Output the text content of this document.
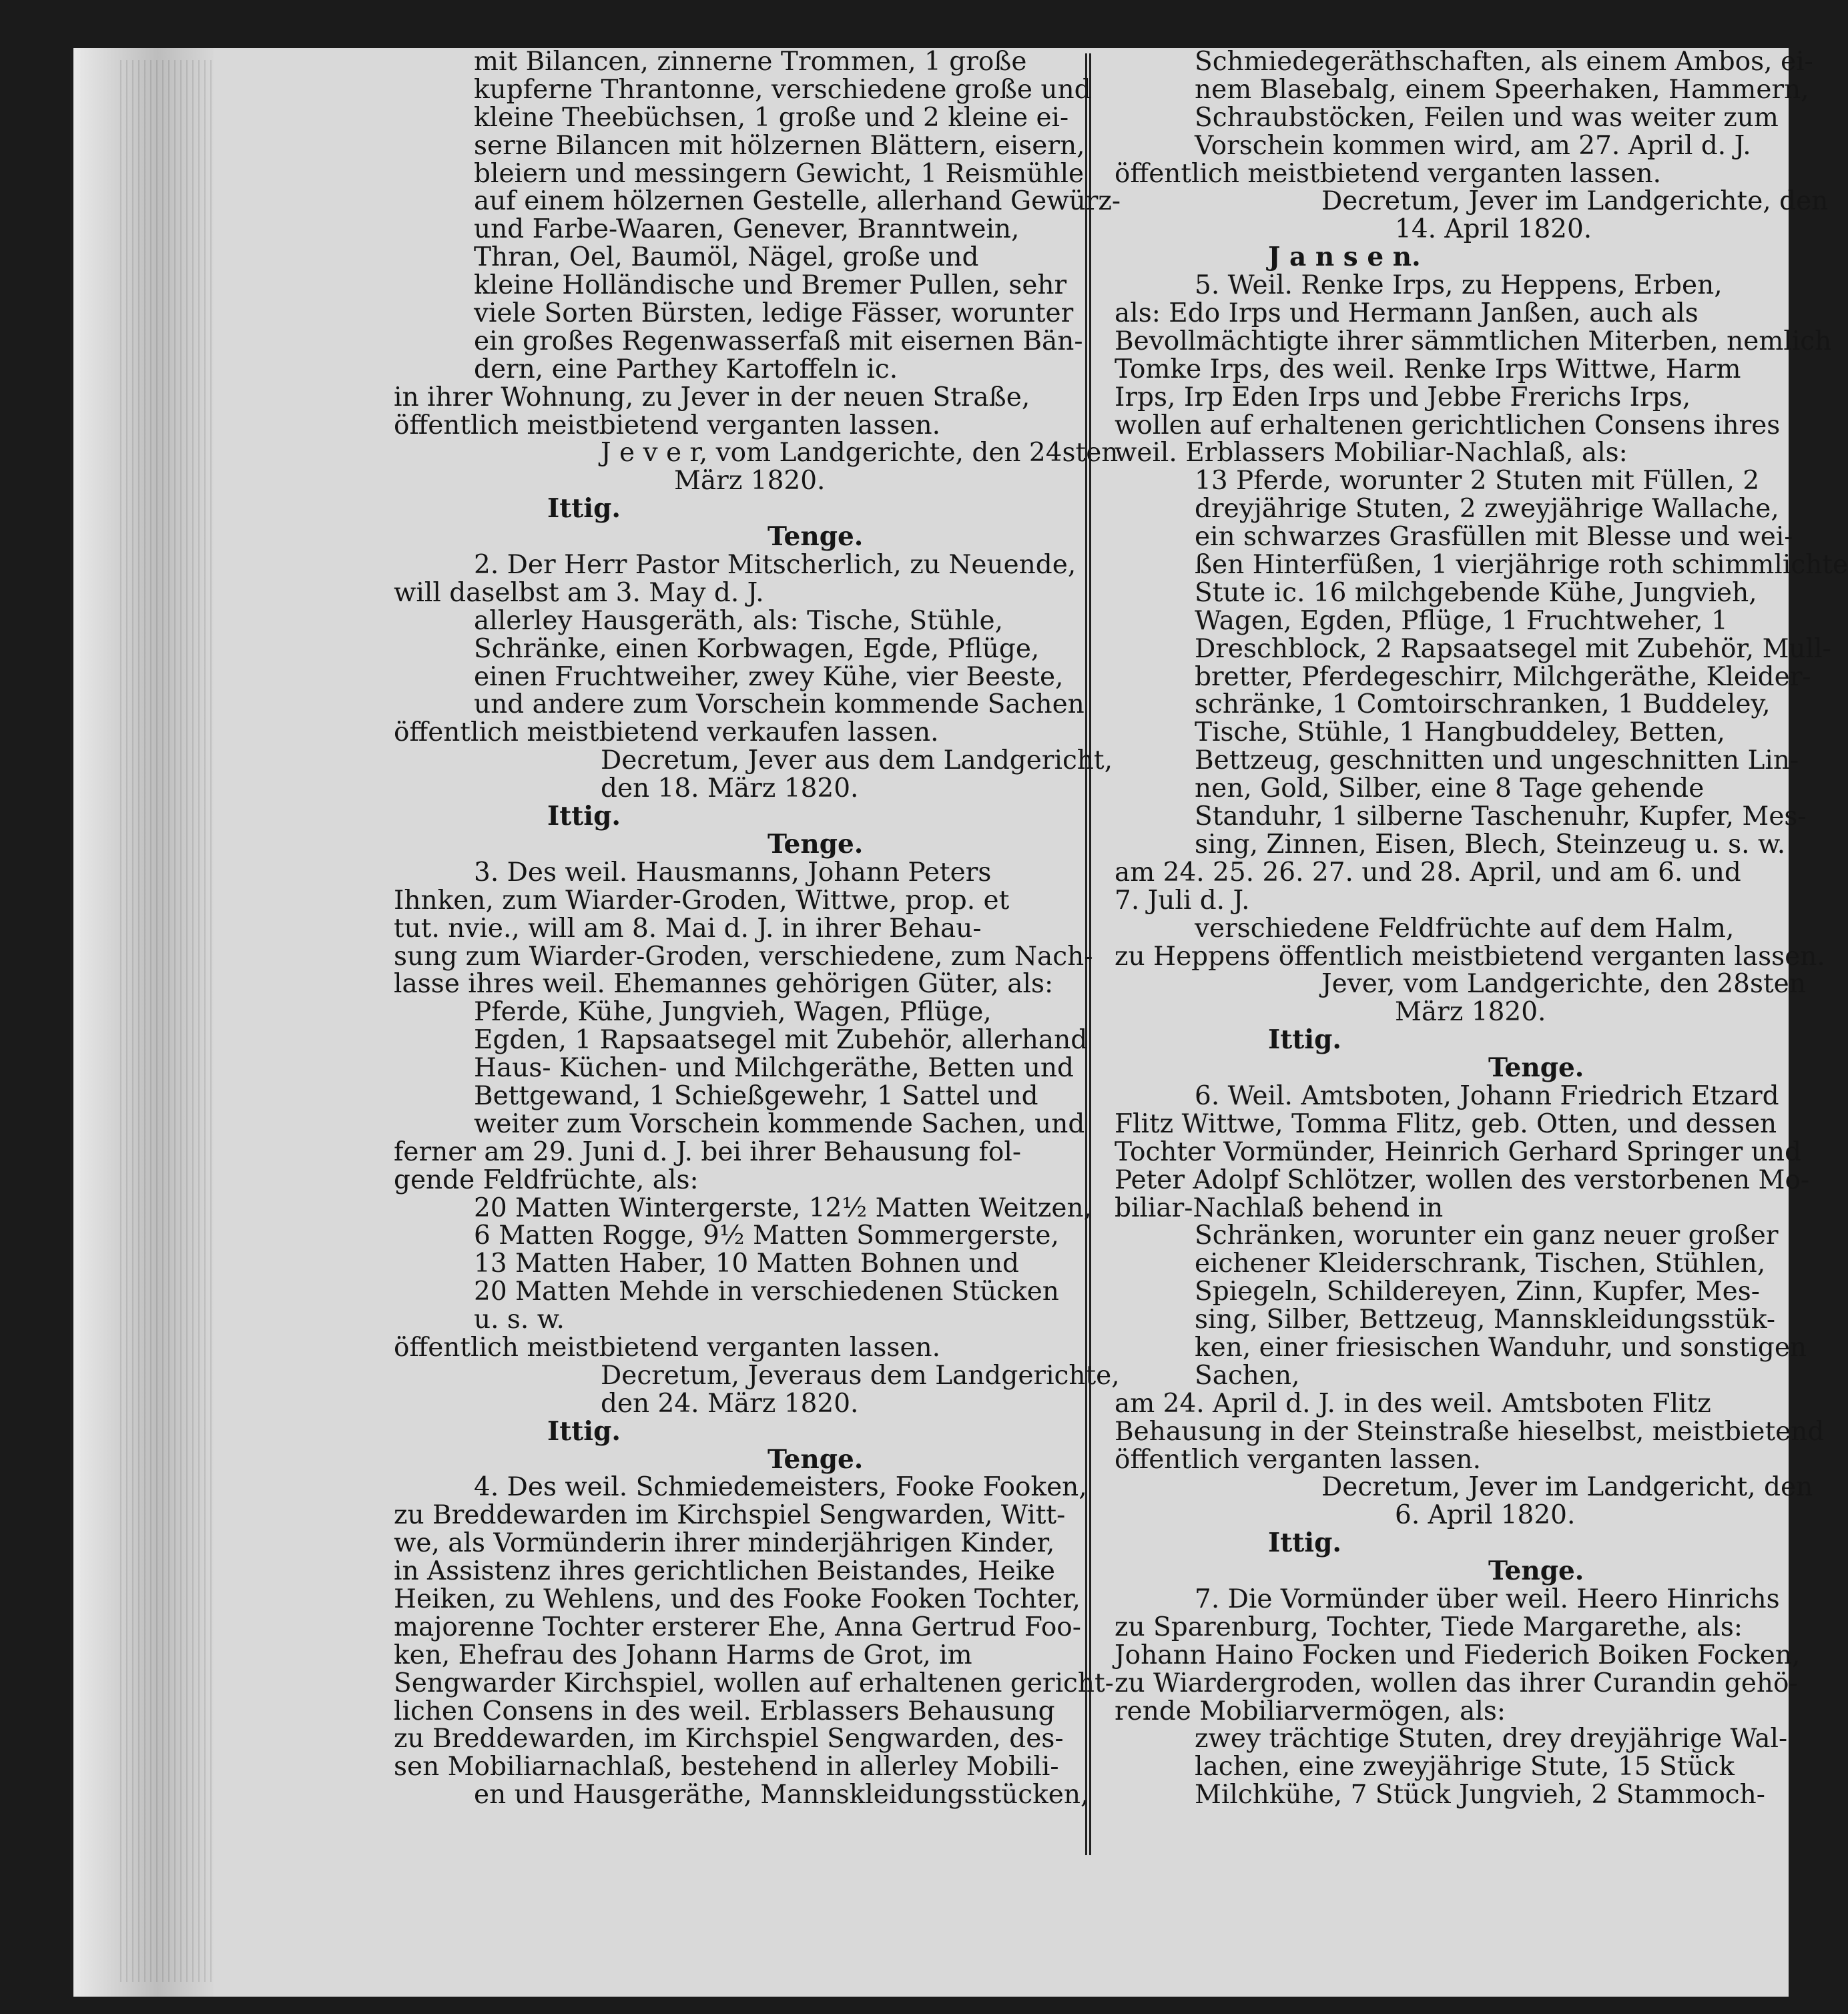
mit Bilancen, zinnerne Trommen, 1 große
kupferne Thrantonne, verschiedene große und
kleine Theebüchsen, 1 große und 2 kleine ei-
serne Bilancen mit hölzernen Blättern, eisern,
bleiern und messingern Gewicht, 1 Reismühle
auf einem hölzernen Gestelle, allerhand Gewürz-
und Farbe-Waaren, Genever, Branntwein,
Thran, Oel, Baumöl, Nägel, große und
kleine Holländische und Bremer Pullen, sehr
viele Sorten Bürsten, ledige Fässer, worunter
ein großes Regenwasserfaß mit eisernen Bän-
dern, eine Parthey Kartoffeln ic.
in ihrer Wohnung, zu Jever in der neuen Straße,
öffentlich meistbietend verganten lassen.
J e v e r, vom Landgerichte, den 24sten
März 1820.
Ittig.
Tenge.
2. Der Herr Pastor Mitscherlich, zu Neuende,
will daselbst am 3. May d. J.
allerley Hausgeräth, als: Tische, Stühle,
Schränke, einen Korbwagen, Egde, Pflüge,
einen Fruchtweiher, zwey Kühe, vier Beeste,
und andere zum Vorschein kommende Sachen
öffentlich meistbietend verkaufen lassen.
Decretum, Jever aus dem Landgericht,
den 18. März 1820.
Ittig.
Tenge.
3. Des weil. Hausmanns, Johann Peters
Ihnken, zum Wiarder-Groden, Wittwe, prop. et
tut. nvie., will am 8. Mai d. J. in ihrer Behau-
sung zum Wiarder-Groden, verschiedene, zum Nach-
lasse ihres weil. Ehemannes gehörigen Güter, als:
Pferde, Kühe, Jungvieh, Wagen, Pflüge,
Egden, 1 Rapsaatsegel mit Zubehör, allerhand
Haus- Küchen- und Milchgeräthe, Betten und
Bettgewand, 1 Schießgewehr, 1 Sattel und
weiter zum Vorschein kommende Sachen, und
ferner am 29. Juni d. J. bei ihrer Behausung fol-
gende Feldfrüchte, als:
20 Matten Wintergerste, 12½ Matten Weitzen,
6 Matten Rogge, 9½ Matten Sommergerste,
13 Matten Haber, 10 Matten Bohnen und
20 Matten Mehde in verschiedenen Stücken
u. s. w.
öffentlich meistbietend verganten lassen.
Decretum, Jeveraus dem Landgerichte,
den 24. März 1820.
Ittig.
Tenge.
4. Des weil. Schmiedemeisters, Fooke Fooken,
zu Breddewarden im Kirchspiel Sengwarden, Witt-
we, als Vormünderin ihrer minderjährigen Kinder,
in Assistenz ihres gerichtlichen Beistandes, Heike
Heiken, zu Wehlens, und des Fooke Fooken Tochter,
majorenne Tochter ersterer Ehe, Anna Gertrud Foo-
ken, Ehefrau des Johann Harms de Grot, im
Sengwarder Kirchspiel, wollen auf erhaltenen gericht-
lichen Consens in des weil. Erblassers Behausung
zu Breddewarden, im Kirchspiel Sengwarden, des-
sen Mobiliarnachlaß, bestehend in allerley Mobili-
en und Hausgeräthe, Mannskleidungsstücken,
Schmiedegeräthschaften, als einem Ambos, ei-
nem Blasebalg, einem Speerhaken, Hammern,
Schraubstöcken, Feilen und was weiter zum
Vorschein kommen wird, am 27. April d. J.
öffentlich meistbietend verganten lassen.
Decretum, Jever im Landgerichte, den
14. April 1820.
J a n s e n.
5. Weil. Renke Irps, zu Heppens, Erben,
als: Edo Irps und Hermann Janßen, auch als
Bevollmächtigte ihrer sämmtlichen Miterben, nemlich
Tomke Irps, des weil. Renke Irps Wittwe, Harm
Irps, Irp Eden Irps und Jebbe Frerichs Irps,
wollen auf erhaltenen gerichtlichen Consens ihres
weil. Erblassers Mobiliar-Nachlaß, als:
13 Pferde, worunter 2 Stuten mit Füllen, 2
dreyjährige Stuten, 2 zweyjährige Wallache,
ein schwarzes Grasfüllen mit Blesse und wei-
ßen Hinterfüßen, 1 vierjährige roth schimmlichte
Stute ic. 16 milchgebende Kühe, Jungvieh,
Wagen, Egden, Pflüge, 1 Fruchtweher, 1
Dreschblock, 2 Rapsaatsegel mit Zubehör, Mull-
bretter, Pferdegeschirr, Milchgeräthe, Kleider-
schränke, 1 Comtoirschranken, 1 Buddeley,
Tische, Stühle, 1 Hangbuddeley, Betten,
Bettzeug, geschnitten und ungeschnitten Lin-
nen, Gold, Silber, eine 8 Tage gehende
Standuhr, 1 silberne Taschenuhr, Kupfer, Mes-
sing, Zinnen, Eisen, Blech, Steinzeug u. s. w.
am 24. 25. 26. 27. und 28. April, und am 6. und
7. Juli d. J.
verschiedene Feldfrüchte auf dem Halm,
zu Heppens öffentlich meistbietend verganten lassen.
Jever, vom Landgerichte, den 28sten
März 1820.
Ittig.
Tenge.
6. Weil. Amtsboten, Johann Friedrich Etzard
Flitz Wittwe, Tomma Flitz, geb. Otten, und dessen
Tochter Vormünder, Heinrich Gerhard Springer und
Peter Adolpf Schlötzer, wollen des verstorbenen Mo-
biliar-Nachlaß behend in
Schränken, worunter ein ganz neuer großer
eichener Kleiderschrank, Tischen, Stühlen,
Spiegeln, Schildereyen, Zinn, Kupfer, Mes-
sing, Silber, Bettzeug, Mannskleidungsstük-
ken, einer friesischen Wanduhr, und sonstigen
Sachen,
am 24. April d. J. in des weil. Amtsboten Flitz
Behausung in der Steinstraße hieselbst, meistbietend
öffentlich verganten lassen.
Decretum, Jever im Landgericht, den
6. April 1820.
Ittig.
Tenge.
7. Die Vormünder über weil. Heero Hinrichs
zu Sparenburg, Tochter, Tiede Margarethe, als:
Johann Haino Focken und Fiederich Boiken Focken,
zu Wiardergroden, wollen das ihrer Curandin gehö-
rende Mobiliarvermögen, als:
zwey trächtige Stuten, drey dreyjährige Wal-
lachen, eine zweyjährige Stute, 15 Stück
Milchkühe, 7 Stück Jungvieh, 2 Stammoch-
